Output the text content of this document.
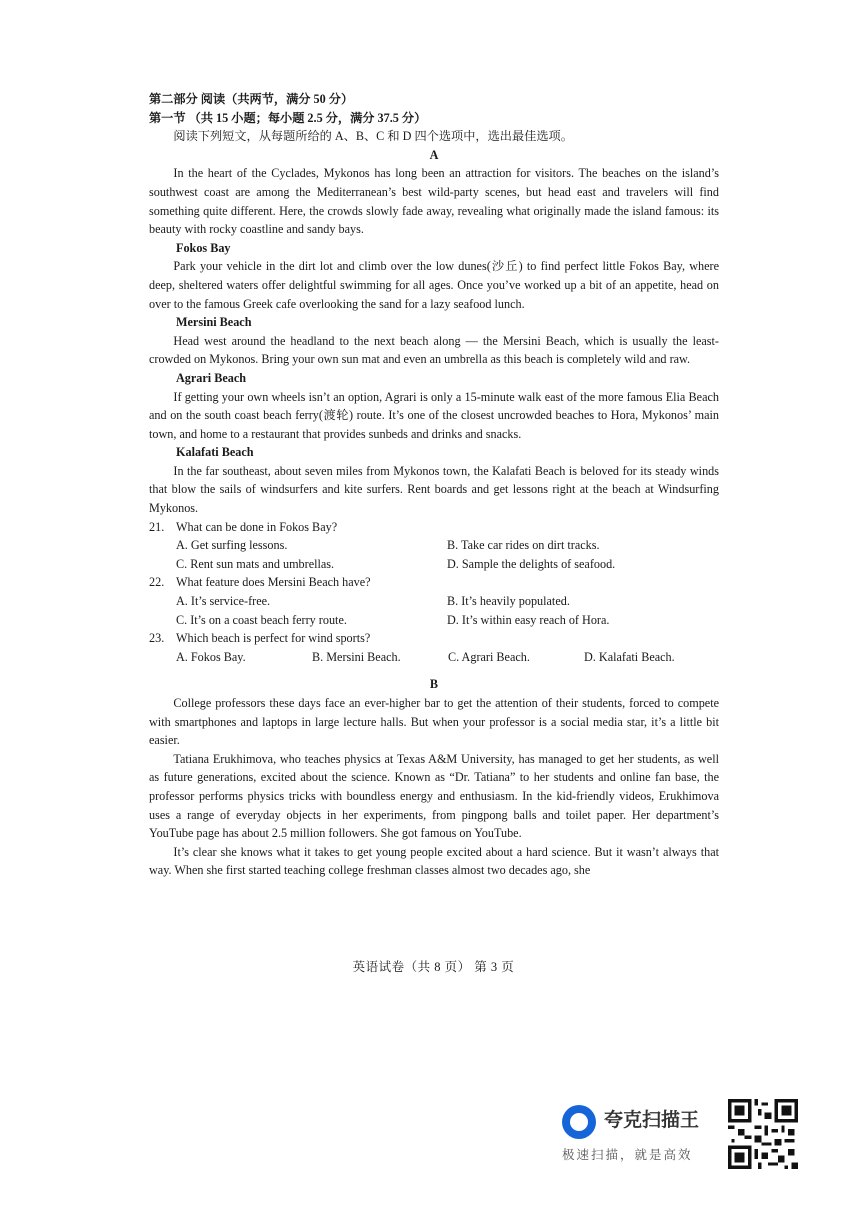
第二部分 阅读（共两节，满分 50 分）

第一节 （共 15 小题；每小题 2.5 分，满分 37.5 分）

阅读下列短文，从每题所给的 A、B、C 和 D 四个选项中，选出最佳选项。

A

In the heart of the Cyclades, Mykonos has long been an attraction for visitors. The beaches on the island’s southwest coast are among the Mediterranean’s best wild-party scenes, but head east and travelers will find something quite different. Here, the crowds slowly fade away, revealing what originally made the island famous: its beauty with rocky coastline and sandy bays.

Fokos Bay

Park your vehicle in the dirt lot and climb over the low dunes(沙丘) to find perfect little Fokos Bay, where deep, sheltered waters offer delightful swimming for all ages. Once you’ve worked up a bit of an appetite, head on over to the famous Greek cafe overlooking the sand for a lazy seafood lunch.

Mersini Beach

Head west around the headland to the next beach along — the Mersini Beach, which is usually the least-crowded on Mykonos. Bring your own sun mat and even an umbrella as this beach is completely wild and raw.

Agrari Beach

If getting your own wheels isn’t an option, Agrari is only a 15-minute walk east of the more famous Elia Beach and on the south coast beach ferry(渡轮) route. It’s one of the closest uncrowded beaches to Hora, Mykonos’ main town, and home to a restaurant that provides sunbeds and drinks and snacks.

Kalafati Beach

In the far southeast, about seven miles from Mykonos town, the Kalafati Beach is beloved for its steady winds that blow the sails of windsurfers and kite surfers. Rent boards and get lessons right at the beach at Windsurfing Mykonos.

21. What can be done in Fokos Bay?

A. Get surfing lessons.	B. Take car rides on dirt tracks.
C. Rent sun mats and umbrellas.	D. Sample the delights of seafood.

22. What feature does Mersini Beach have?

A. It’s service-free.	B. It’s heavily populated.
C. It’s on a coast beach ferry route.	D. It’s within easy reach of Hora.

23. Which beach is perfect for wind sports?

A. Fokos Bay.	B. Mersini Beach.	C. Agrari Beach.	D. Kalafati Beach.

B

College professors these days face an ever-higher bar to get the attention of their students, forced to compete with smartphones and laptops in large lecture halls. But when your professor is a social media star, it’s a little bit easier.

Tatiana Erukhimova, who teaches physics at Texas A&M University, has managed to get her students, as well as future generations, excited about the science. Known as “Dr. Tatiana” to her students and online fan base, the professor performs physics tricks with boundless energy and enthusiasm. In the kid-friendly videos, Erukhimova uses a range of everyday objects in her experiments, from pingpong balls and toilet paper. Her department’s YouTube page has about 2.5 million followers. She got famous on YouTube.

It’s clear she knows what it takes to get young people excited about a hard science. But it wasn’t always that way. When she first started teaching college freshman classes almost two decades ago, she

英语试卷（共 8 页） 第 3 页
夸克扫描王
极速扫描，就是高效
